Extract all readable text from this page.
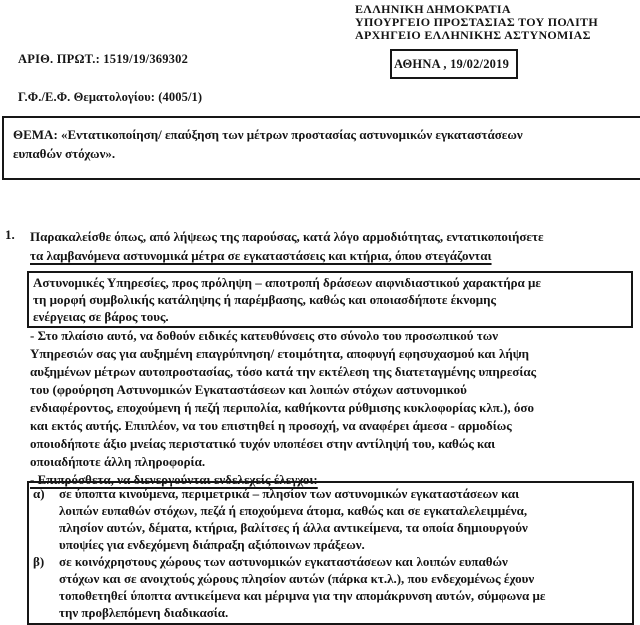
ΕΛΛΗΝΙΚΗ ΔΗΜΟΚΡΑΤΙΑ
ΥΠΟΥΡΓΕΙΟ ΠΡΟΣΤΑΣΙΑΣ ΤΟΥ ΠΟΛΙΤΗ
ΑΡΧΗΓΕΙΟ ΕΛΛΗΝΙΚΗΣ ΑΣΤΥΝΟΜΙΑΣ
ΑΘΗΝΑ , 19/02/2019
ΑΡΙΘ. ΠΡΩΤ.: 1519/19/369302
Γ.Φ./Ε.Φ. Θεματολογίου: (4005/1)
ΘΕΜΑ: «Εντατικοποίηση/ επαύξηση των μέτρων προστασίας αστυνομικών εγκαταστάσεων
ευπαθών στόχων».
1. Παρακαλείσθε όπως, από λήψεως της παρούσας, κατά λόγο αρμοδιότητας, εντατικοποιήσετε
τα λαμβανόμενα αστυνομικά μέτρα σε εγκαταστάσεις και κτήρια, όπου στεγάζονται
Αστυνομικές Υπηρεσίες, προς πρόληψη – αποτροπή δράσεων αιφνιδιαστικού χαρακτήρα με
τη μορφή συμβολικής κατάληψης ή παρέμβασης, καθώς και οποιασδήποτε έκνομης
ενέργειας σε βάρος τους.
- Στο πλαίσιο αυτό, να δοθούν ειδικές κατευθύνσεις στο σύνολο του προσωπικού των
Υπηρεσιών σας για αυξημένη επαγρύπνηση/ ετοιμότητα, αποφυγή εφησυχασμού και λήψη
αυξημένων μέτρων αυτοπροστασίας, τόσο κατά την εκτέλεση της διατεταγμένης υπηρεσίας
του (φρούρηση Αστυνομικών Εγκαταστάσεων και λοιπών στόχων αστυνομικού
ενδιαφέροντος, εποχούμενη ή πεζή περιπολία, καθήκοντα ρύθμισης κυκλοφορίας κλπ.), όσο
και εκτός αυτής. Επιπλέον, να του επιστηθεί η προσοχή, να αναφέρει άμεσα - αρμοδίως
οποιοδήποτε άξιο μνείας περιστατικό τυχόν υποπέσει στην αντίληψή του, καθώς και
οποιαδήποτε άλλη πληροφορία.
- Επιπρόσθετα, να διενεργούνται ενδελεχείς έλεγχοι:
α)	σε ύποπτα κινούμενα, περιμετρικά – πλησίον των αστυνομικών εγκαταστάσεων και
λοιπών ευπαθών στόχων, πεζά ή εποχούμενα άτομα, καθώς και σε εγκαταλελειμμένα,
πλησίον αυτών, δέματα, κτήρια, βαλίτσες ή άλλα αντικείμενα, τα οποία δημιουργούν
υποψίες για ενδεχόμενη διάπραξη αξιόποινων πράξεων.
β)	σε κοινόχρηστους χώρους των αστυνομικών εγκαταστάσεων και λοιπών ευπαθών
στόχων και σε ανοιχτούς χώρους πλησίον αυτών (πάρκα κτ.λ.), που ενδεχομένως έχουν
τοποθετηθεί ύποπτα αντικείμενα και μέριμνα για την απομάκρυνση αυτών, σύμφωνα με
την προβλεπόμενη διαδικασία.
